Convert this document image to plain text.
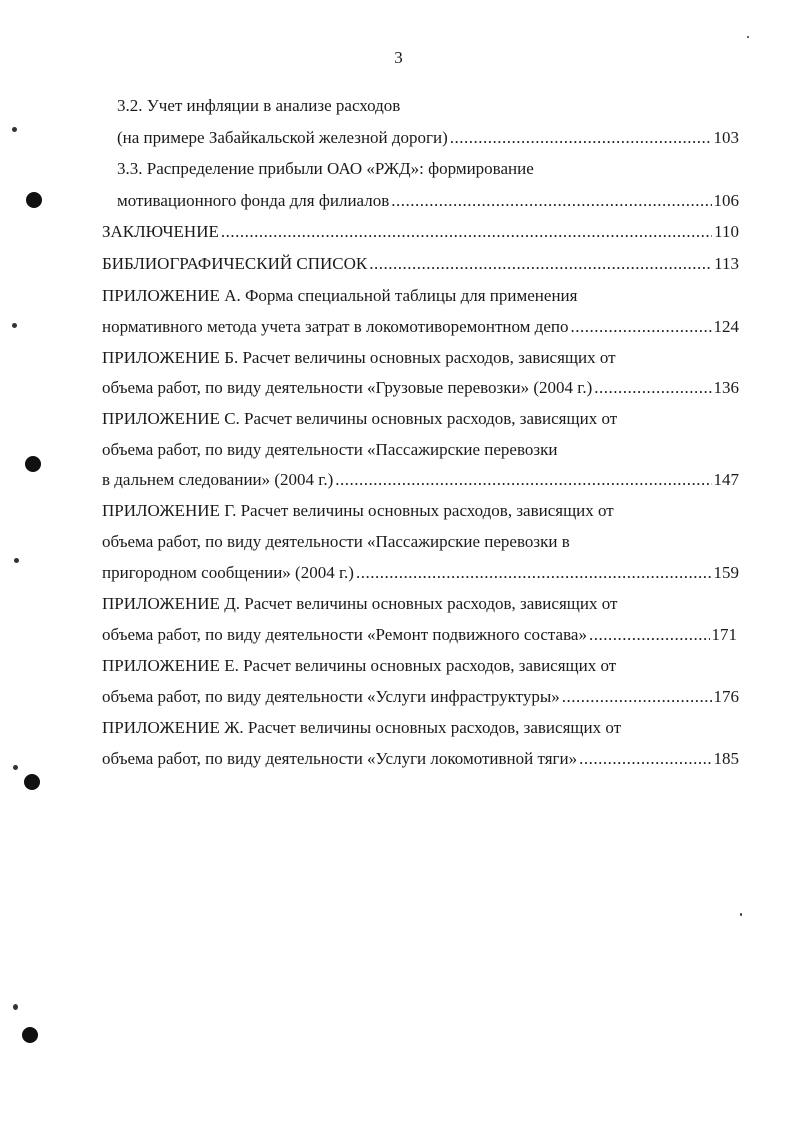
3
3.2. Учет инфляции в анализе расходов
(на примере Забайкальской железной дороги) .....	103
3.3. Распределение прибыли ОАО «РЖД»: формирование
мотивационного фонда для филиалов .....	106
ЗАКЛЮЧЕНИЕ .....	110
БИБЛИОГРАФИЧЕСКИЙ СПИСОК .....	113
ПРИЛОЖЕНИЕ А. Форма специальной таблицы для применения
нормативного метода учета затрат в локомотиворемонтном депо .....	124
ПРИЛОЖЕНИЕ Б. Расчет величины основных расходов, зависящих от
объема работ, по виду деятельности «Грузовые перевозки» (2004 г.) .....	136
ПРИЛОЖЕНИЕ С. Расчет величины основных расходов, зависящих от
объема работ, по виду деятельности «Пассажирские перевозки
в дальнем следовании» (2004 г.) .....	147
ПРИЛОЖЕНИЕ Г. Расчет величины основных расходов, зависящих от
объема работ, по виду деятельности «Пассажирские перевозки в
пригородном сообщении» (2004 г.) .....	159
ПРИЛОЖЕНИЕ Д. Расчет величины основных расходов, зависящих от
объема работ, по виду деятельности «Ремонт подвижного состава» .....	171
ПРИЛОЖЕНИЕ Е. Расчет величины основных расходов, зависящих от
объема работ, по виду деятельности «Услуги инфраструктуры» .....	176
ПРИЛОЖЕНИЕ Ж. Расчет величины основных расходов, зависящих от
объема работ, по виду деятельности «Услуги локомотивной тяги» .....	185
